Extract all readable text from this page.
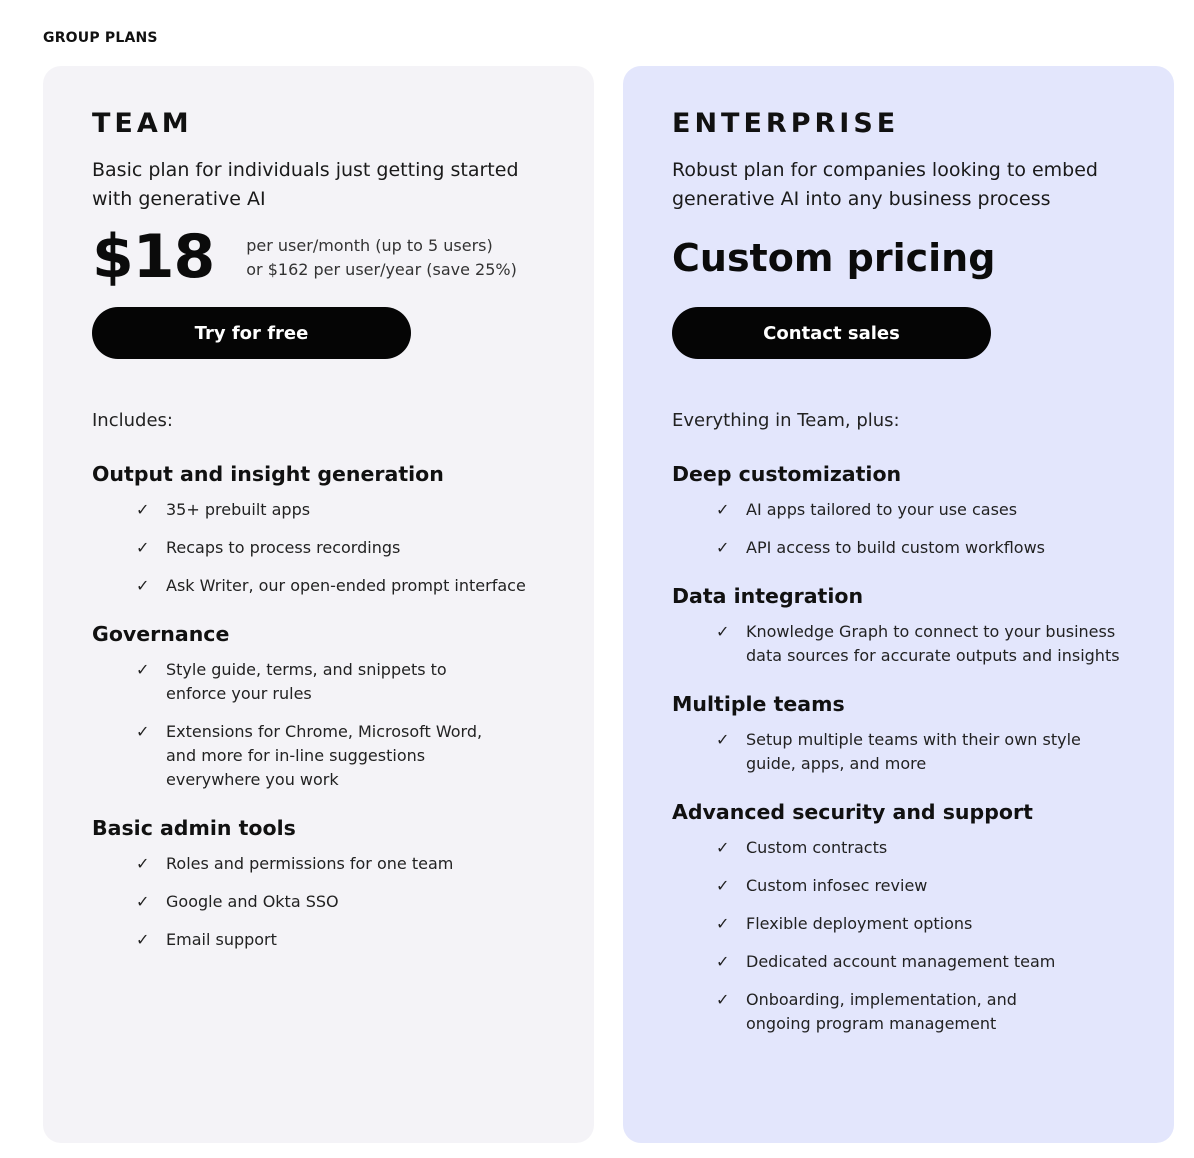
GROUP PLANS
TEAM
Basic plan for individuals just getting started with generative AI
$18 per user/month (up to 5 users)
or $162 per user/year (save 25%)
Try for free
Includes:
Output and insight generation
✓	35+ prebuilt apps
✓	Recaps to process recordings
✓	Ask Writer, our open-ended prompt interface
Governance
✓	Style guide, terms, and snippets to enforce your rules
✓	Extensions for Chrome, Microsoft Word, and more for in-line suggestions everywhere you work
Basic admin tools
✓	Roles and permissions for one team
✓	Google and Okta SSO
✓	Email support
ENTERPRISE
Robust plan for companies looking to embed generative AI into any business process
Custom pricing
Contact sales
Everything in Team, plus:
Deep customization
✓	AI apps tailored to your use cases
✓	API access to build custom workflows
Data integration
✓	Knowledge Graph to connect to your business data sources for accurate outputs and insights
Multiple teams
✓	Setup multiple teams with their own style guide, apps, and more
Advanced security and support
✓	Custom contracts
✓	Custom infosec review
✓	Flexible deployment options
✓	Dedicated account management team
✓	Onboarding, implementation, and ongoing program management
